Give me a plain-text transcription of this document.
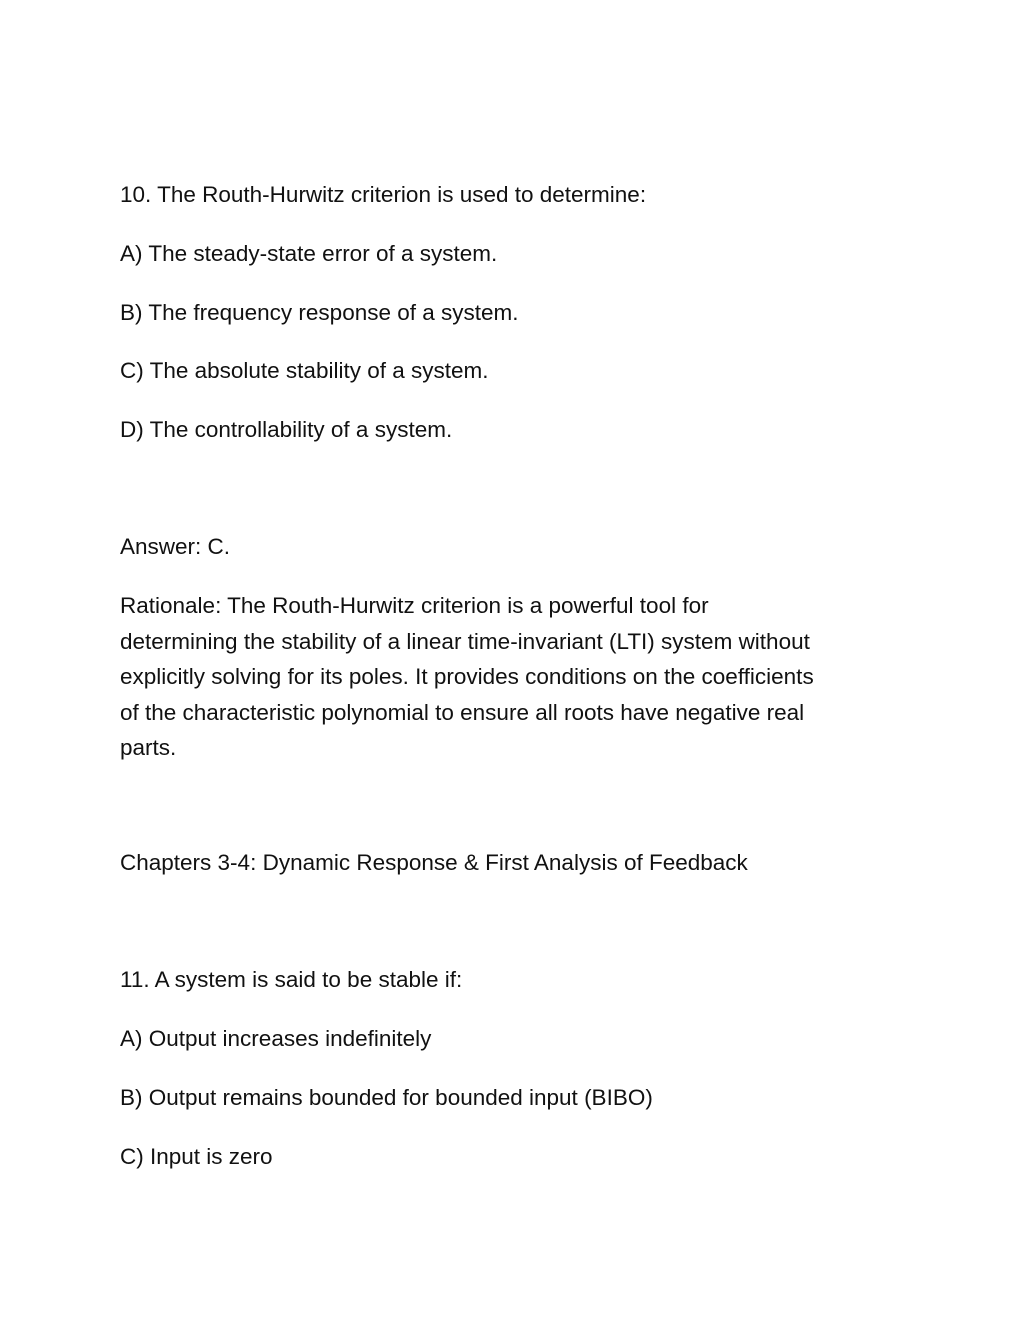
10. The Routh-Hurwitz criterion is used to determine:
A) The steady-state error of a system.
B) The frequency response of a system.
C) The absolute stability of a system.
D) The controllability of a system.
Answer: C.
Rationale: The Routh-Hurwitz criterion is a powerful tool for
determining the stability of a linear time-invariant (LTI) system without
explicitly solving for its poles. It provides conditions on the coefficients
of the characteristic polynomial to ensure all roots have negative real
parts.
Chapters 3-4: Dynamic Response & First Analysis of Feedback
11. A system is said to be stable if:
A) Output increases indefinitely
B) Output remains bounded for bounded input (BIBO)
C) Input is zero
